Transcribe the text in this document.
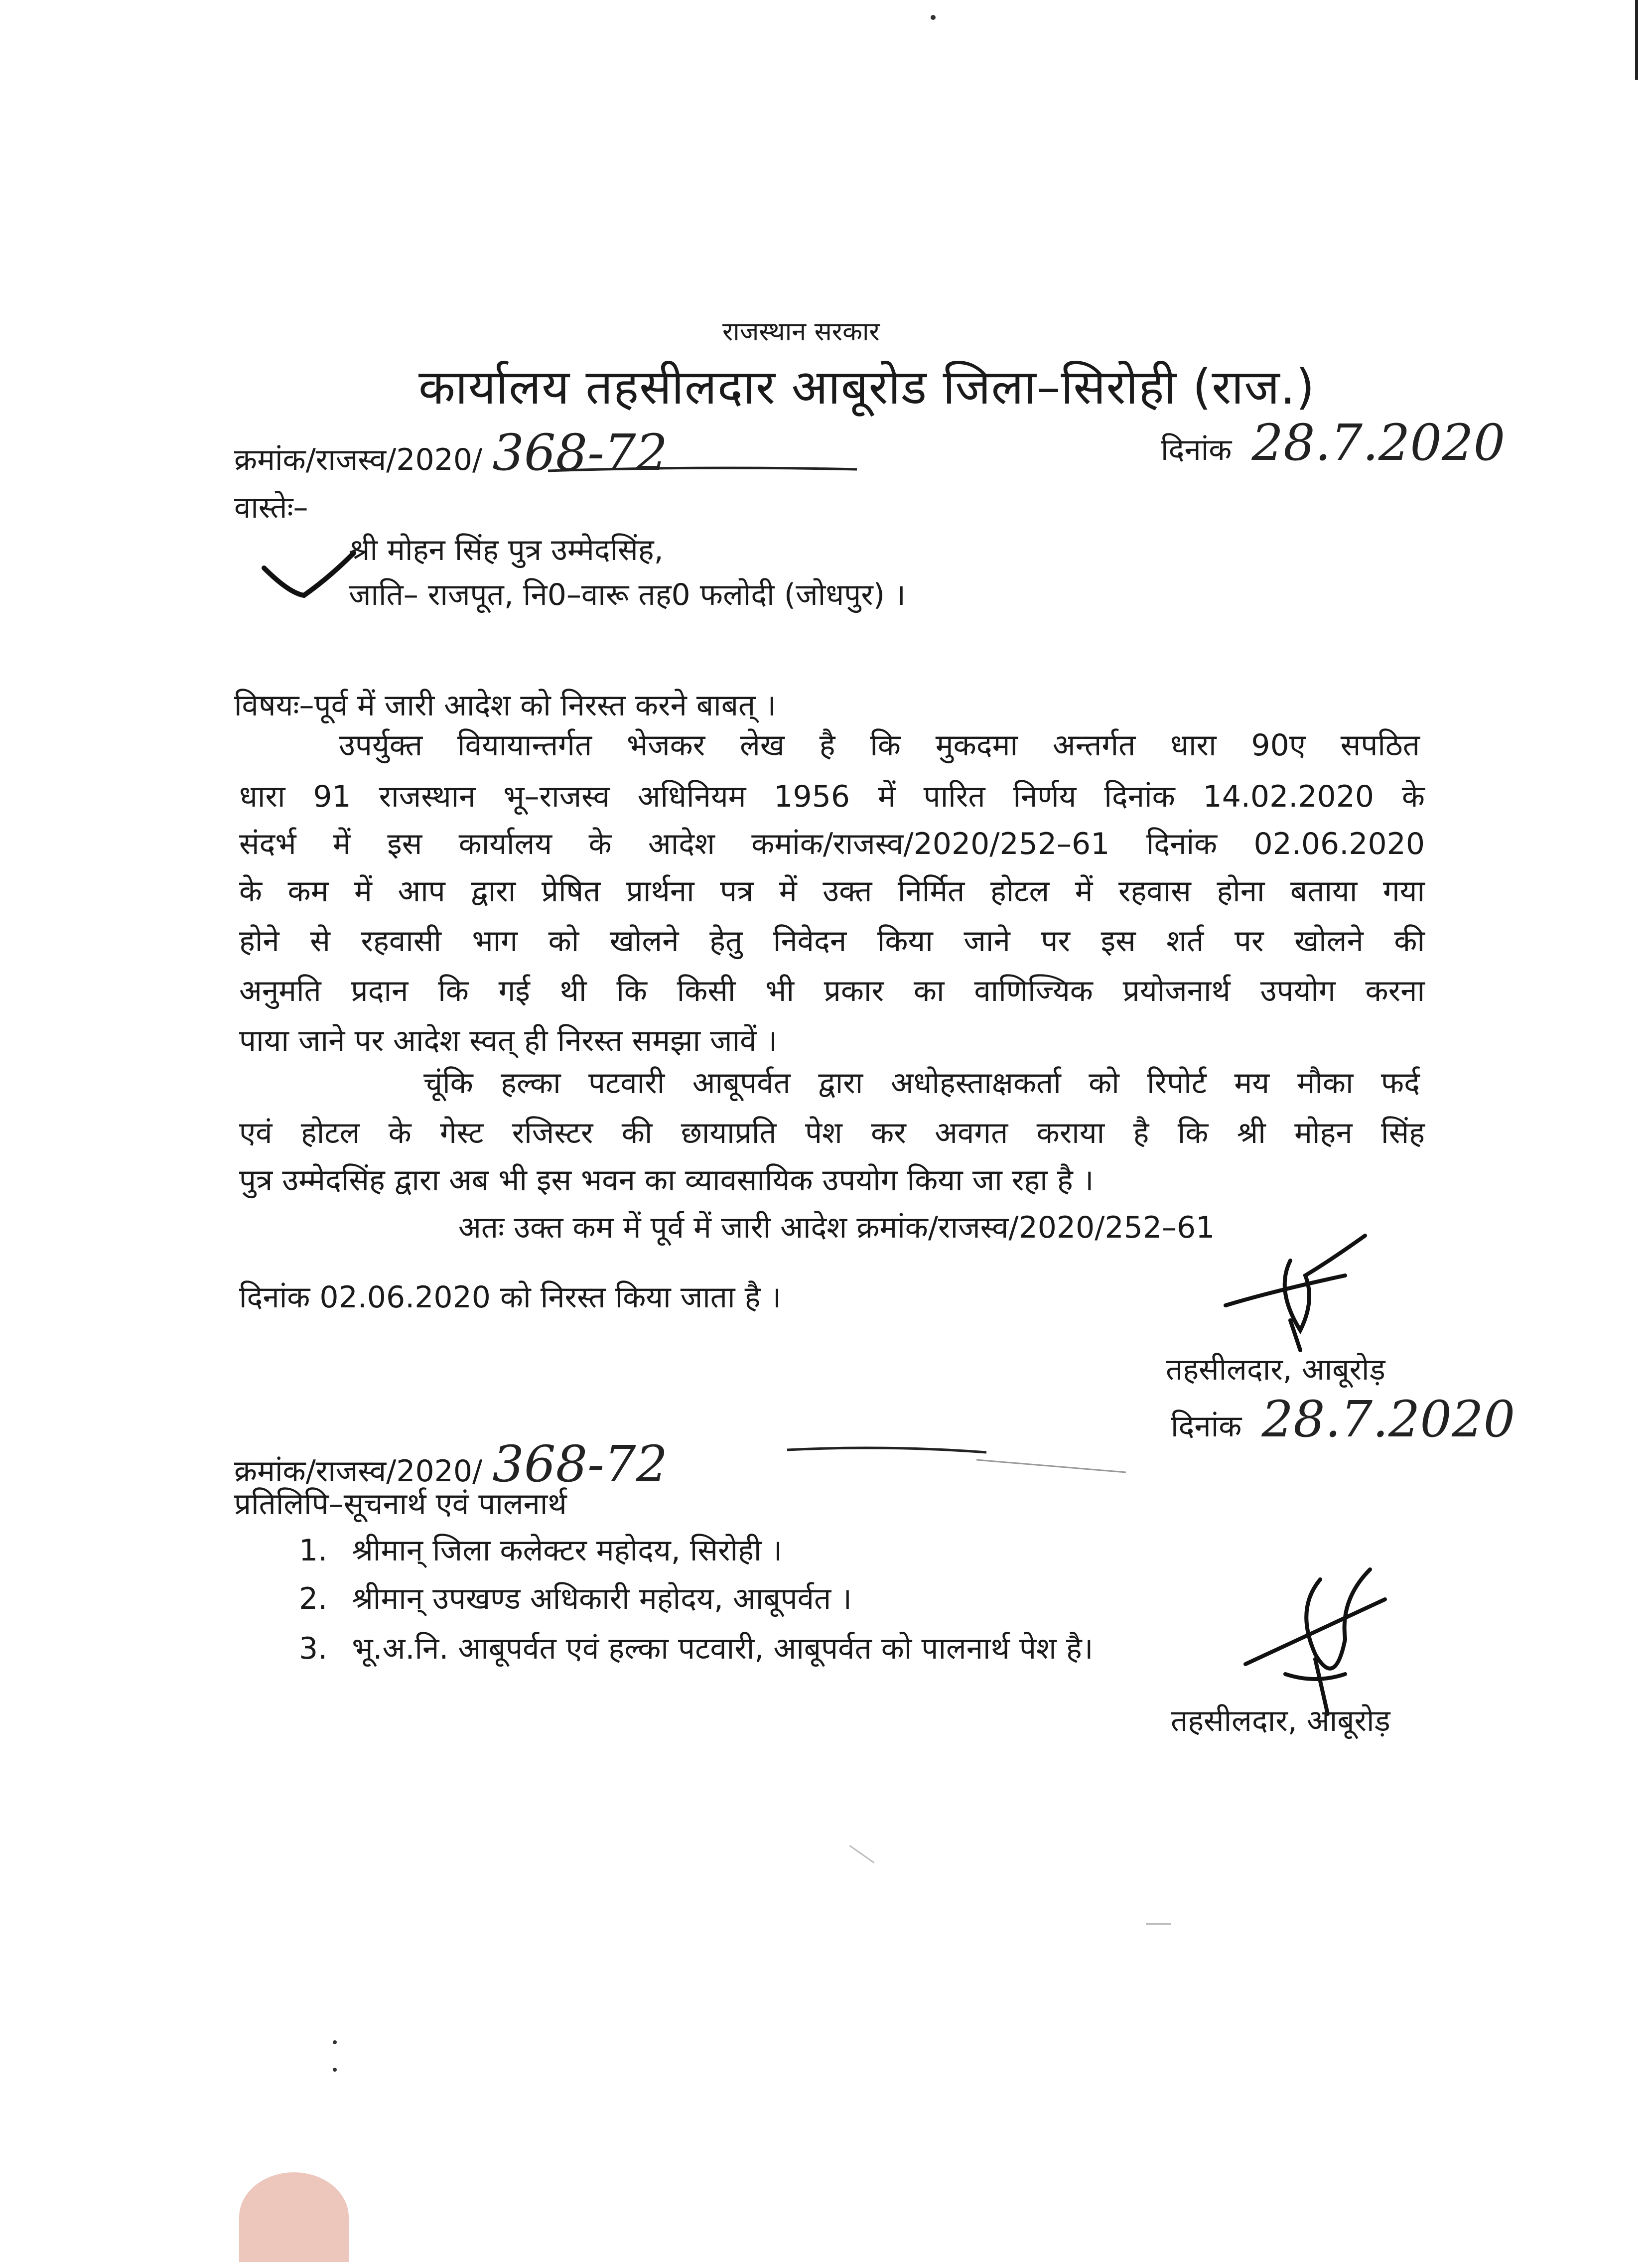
राजस्थान सरकार
कार्यालय तहसीलदार आबूरोड जिला–सिरोही (राज.)
क्रमांक/राजस्व/2020/ 368-72	दिनांक 28.7.2020
वास्तेः–
श्री मोहन सिंह पुत्र उम्मेदसिंह,
जाति– राजपूत, नि0–वारू तह0 फलोदी (जोधपुर) ।
विषयः–पूर्व में जारी आदेश को निरस्त करने बाबत् ।
उपर्युक्त वियायान्तर्गत भेजकर लेख है कि मुकदमा अन्तर्गत धारा 90ए सपठित
धारा 91 राजस्थान भू–राजस्व अधिनियम 1956 में पारित निर्णय दिनांक 14.02.2020 के
संदर्भ में इस कार्यालय के आदेश कमांक/राजस्व/2020/252–61 दिनांक 02.06.2020
के कम में आप द्वारा प्रेषित प्रार्थना पत्र में उक्त निर्मित होटल में रहवास होना बताया गया
होने से रहवासी भाग को खोलने हेतु निवेदन किया जाने पर इस शर्त पर खोलने की
अनुमति प्रदान कि गई थी कि किसी भी प्रकार का वाणिज्यिक प्रयोजनार्थ उपयोग करना
पाया जाने पर आदेश स्वत् ही निरस्त समझा जावें ।
चूंकि हल्का पटवारी आबूपर्वत द्वारा अधोहस्ताक्षकर्ता को रिपोर्ट मय मौका फर्द
एवं होटल के गेस्ट रजिस्टर की छायाप्रति पेश कर अवगत कराया है कि श्री मोहन सिंह
पुत्र उम्मेदसिंह द्वारा अब भी इस भवन का व्यावसायिक उपयोग किया जा रहा है ।
अतः उक्त कम में पूर्व में जारी आदेश क्रमांक/राजस्व/2020/252–61
दिनांक 02.06.2020 को निरस्त किया जाता है ।
तहसीलदार, आबूरोड़
दिनांक 28.7.2020
क्रमांक/राजस्व/2020/ 368-72
प्रतिलिपि–सूचनार्थ एवं पालनार्थ
1. श्रीमान् जिला कलेक्टर महोदय, सिरोही ।
2. श्रीमान् उपखण्ड अधिकारी महोदय, आबूपर्वत ।
3. भू.अ.नि. आबूपर्वत एवं हल्का पटवारी, आबूपर्वत को पालनार्थ पेश है।
तहसीलदार, आबूरोड़
